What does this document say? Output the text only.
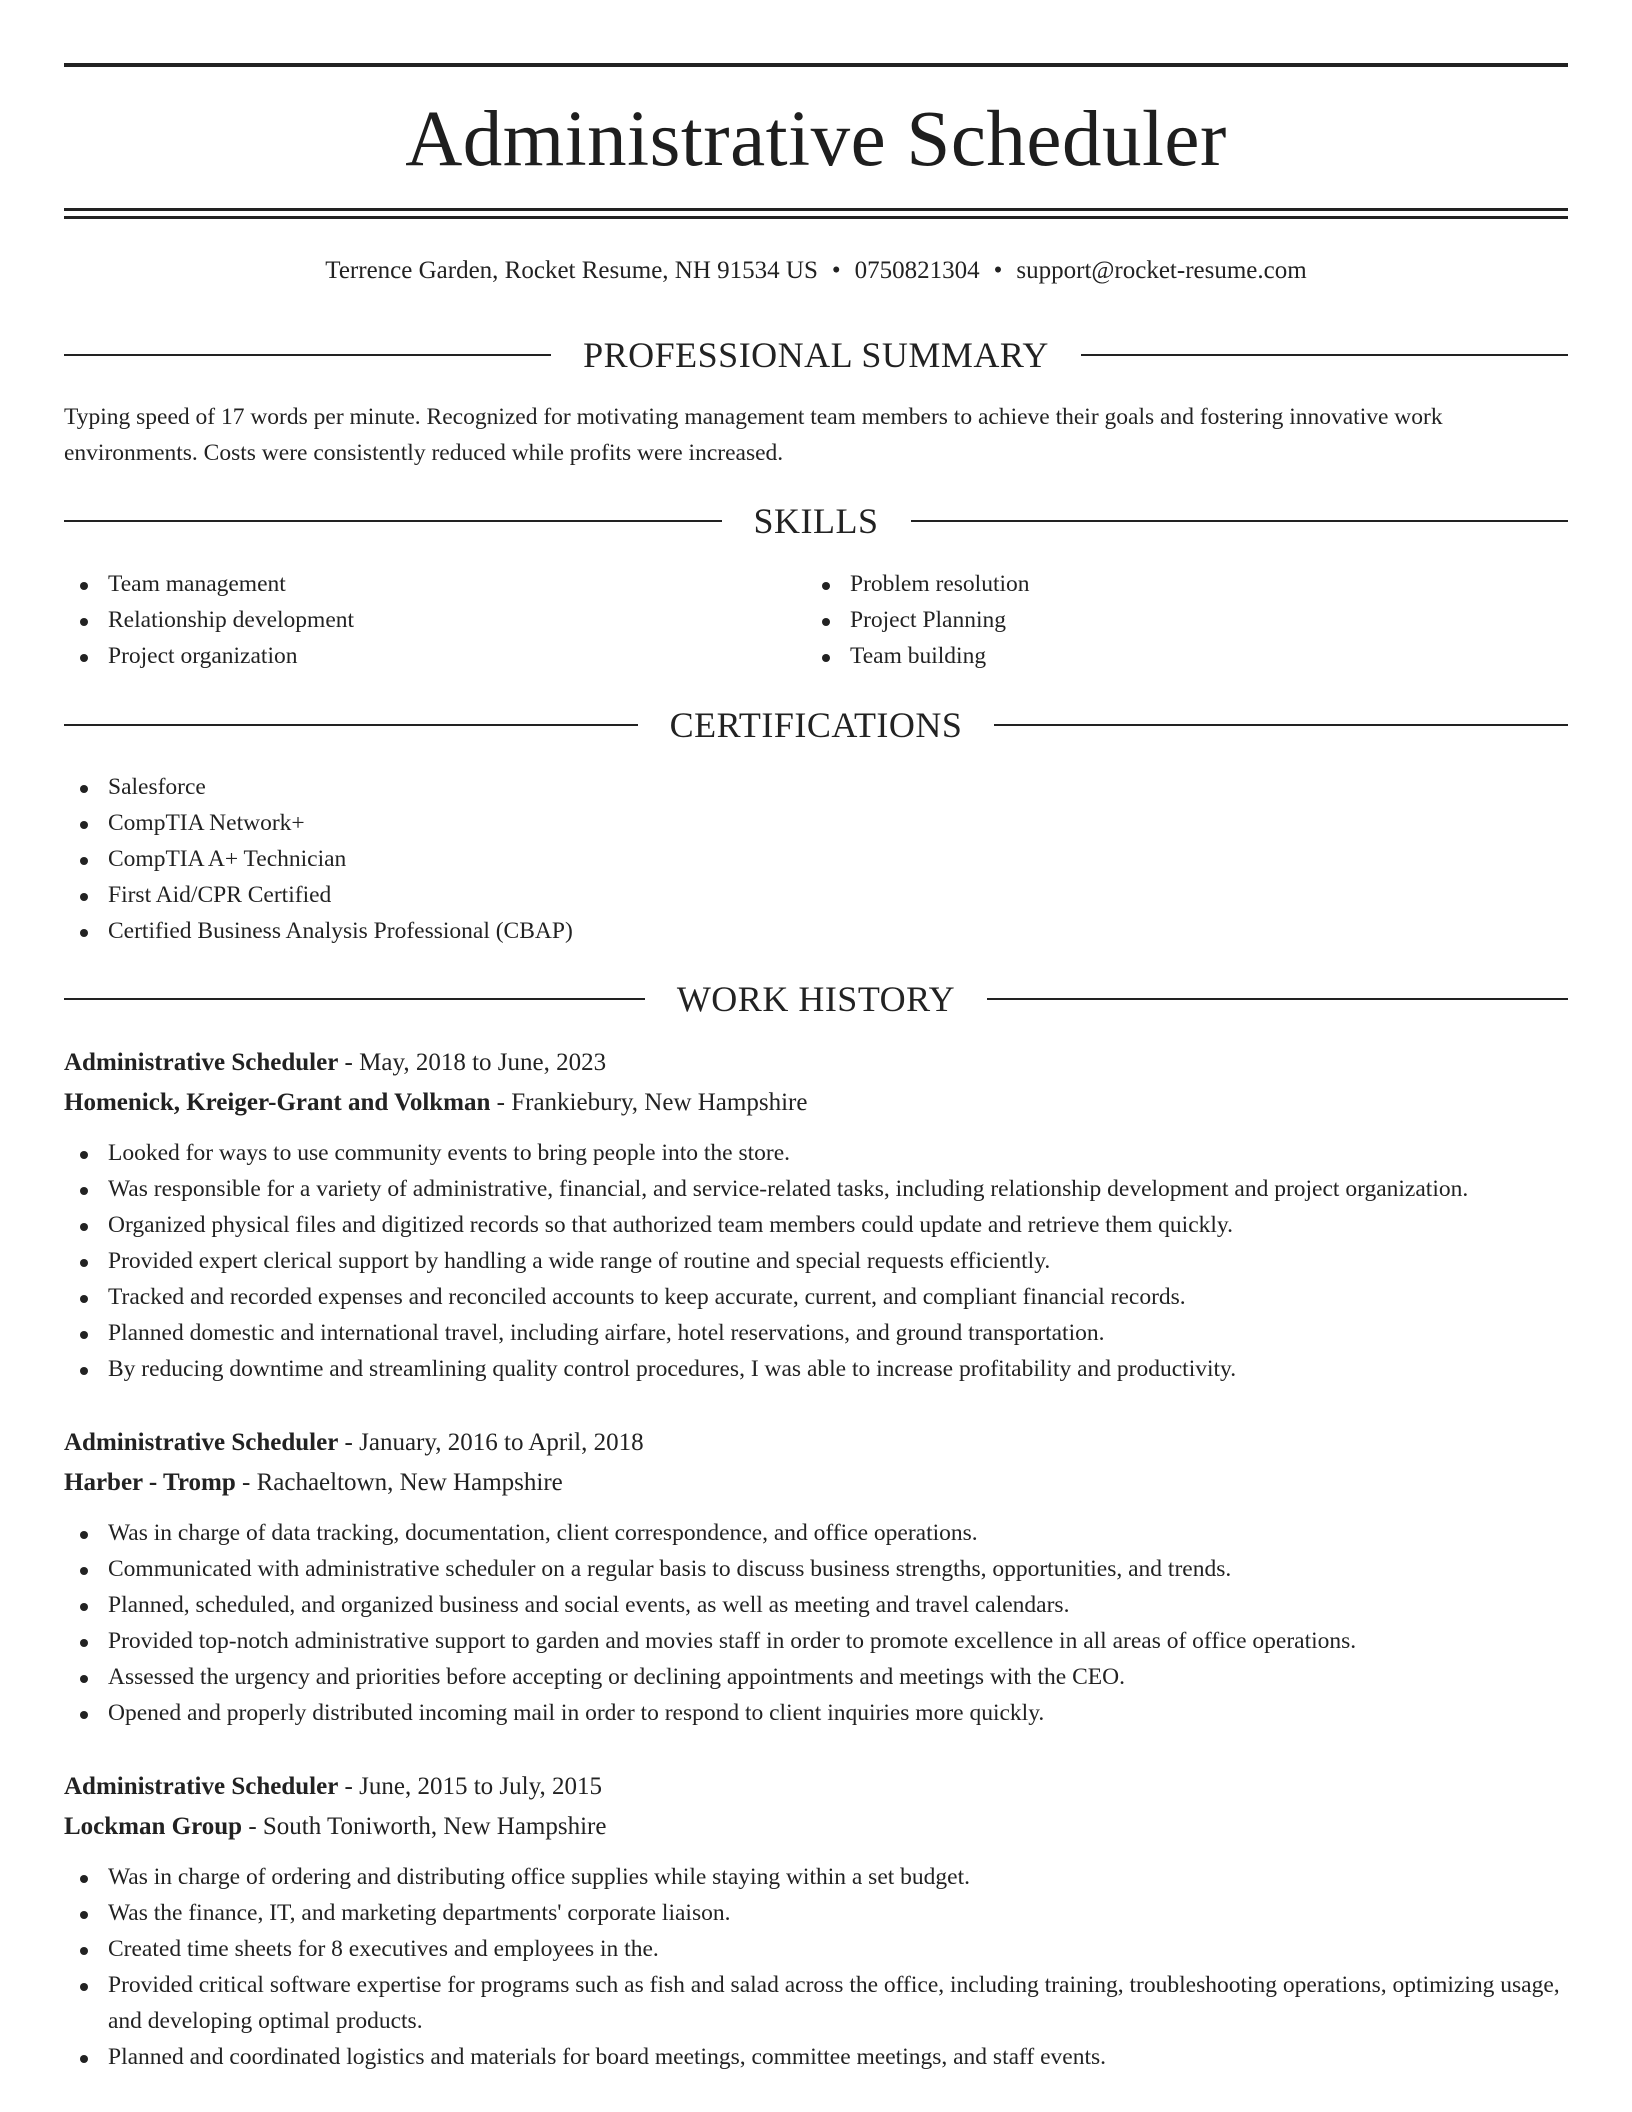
Administrative Scheduler
Terrence Garden, Rocket Resume, NH 91534 US • 0750821304 • support@rocket-resume.com
PROFESSIONAL SUMMARY
Typing speed of 17 words per minute. Recognized for motivating management team members to achieve their goals and fostering innovative work environments. Costs were consistently reduced while profits were increased.
SKILLS
Team management
Relationship development
Project organization
Problem resolution
Project Planning
Team building
CERTIFICATIONS
Salesforce
CompTIA Network+
CompTIA A+ Technician
First Aid/CPR Certified
Certified Business Analysis Professional (CBAP)
WORK HISTORY
Administrative Scheduler - May, 2018 to June, 2023
Homenick, Kreiger-Grant and Volkman - Frankiebury, New Hampshire
Looked for ways to use community events to bring people into the store.
Was responsible for a variety of administrative, financial, and service-related tasks, including relationship development and project organization.
Organized physical files and digitized records so that authorized team members could update and retrieve them quickly.
Provided expert clerical support by handling a wide range of routine and special requests efficiently.
Tracked and recorded expenses and reconciled accounts to keep accurate, current, and compliant financial records.
Planned domestic and international travel, including airfare, hotel reservations, and ground transportation.
By reducing downtime and streamlining quality control procedures, I was able to increase profitability and productivity.
Administrative Scheduler - January, 2016 to April, 2018
Harber - Tromp - Rachaeltown, New Hampshire
Was in charge of data tracking, documentation, client correspondence, and office operations.
Communicated with administrative scheduler on a regular basis to discuss business strengths, opportunities, and trends.
Planned, scheduled, and organized business and social events, as well as meeting and travel calendars.
Provided top-notch administrative support to garden and movies staff in order to promote excellence in all areas of office operations.
Assessed the urgency and priorities before accepting or declining appointments and meetings with the CEO.
Opened and properly distributed incoming mail in order to respond to client inquiries more quickly.
Administrative Scheduler - June, 2015 to July, 2015
Lockman Group - South Toniworth, New Hampshire
Was in charge of ordering and distributing office supplies while staying within a set budget.
Was the finance, IT, and marketing departments' corporate liaison.
Created time sheets for 8 executives and employees in the.
Provided critical software expertise for programs such as fish and salad across the office, including training, troubleshooting operations, optimizing usage, and developing optimal products.
Planned and coordinated logistics and materials for board meetings, committee meetings, and staff events.
